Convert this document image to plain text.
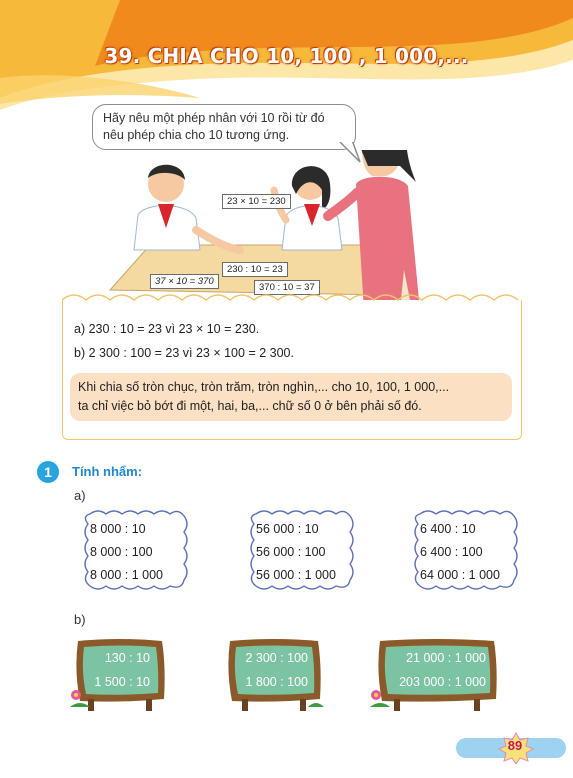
39. CHIA CHO 10, 100 , 1 000,...
Hãy nêu một phép nhân với 10 rồi từ đó
nêu phép chia cho 10 tương ứng.
23 × 10 = 230
230 : 10 = 23
37 × 10 = 370
370 : 10 = 37
a) 230 : 10 = 23 vì 23 × 10 = 230.
b) 2 300 : 100 = 23 vì 23 × 100 = 2 300.
Khi chia số tròn chục, tròn trăm, tròn nghìn,... cho 10, 100, 1 000,...
ta chỉ việc bỏ bớt đi một, hai, ba,... chữ số 0 ở bên phải số đó.
1	Tính nhẩm:
a)
8 000 : 10
8 000 : 100
8 000 : 1 000
56 000 : 10
56 000 : 100
56 000 : 1 000
6 400 : 10
6 400 : 100
64 000 : 1 000
b)
130 : 10
1 500 : 10
2 300 : 100
1 800 : 100
21 000 : 1 000
203 000 : 1 000
89
